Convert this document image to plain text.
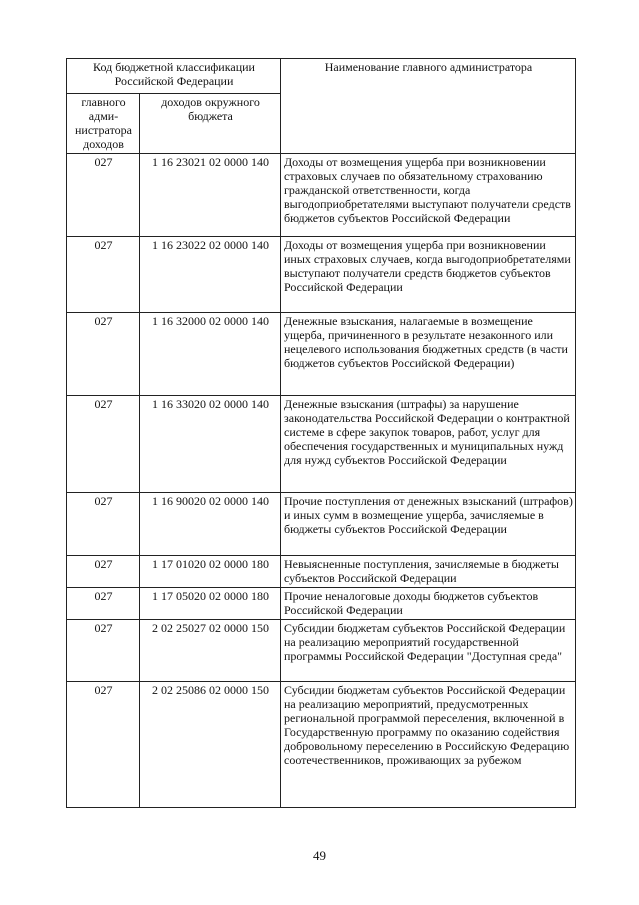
Код бюджетной классификации Российской Федерации		Наименование главного администратора
главного адми- нистратора доходов	доходов окружного бюджета	
027	1 16 23021 02 0000 140	Доходы от возмещения ущерба при возникновении страховых случаев по обязательному страхованию гражданской ответственности, когда выгодоприобретателями выступают получатели средств бюджетов субъектов Российской Федерации
027	1 16 23022 02 0000 140	Доходы от возмещения ущерба при возникновении иных страховых случаев, когда выгодоприобретателями выступают получатели средств бюджетов субъектов Российской Федерации
027	1 16 32000 02 0000 140	Денежные взыскания, налагаемые в возмещение ущерба, причиненного в результате незаконного или нецелевого использования бюджетных средств (в части бюджетов субъектов Российской Федерации)
027	1 16 33020 02 0000 140	Денежные взыскания (штрафы) за нарушение законодательства Российской Федерации о контрактной системе в сфере закупок товаров, работ, услуг для обеспечения государственных и муниципальных нужд для нужд субъектов Российской Федерации
027	1 16 90020 02 0000 140	Прочие поступления от денежных взысканий (штрафов) и иных сумм в возмещение ущерба, зачисляемые в бюджеты субъектов Российской Федерации
027	1 17 01020 02 0000 180	Невыясненные поступления, зачисляемые в бюджеты субъектов Российской Федерации
027	1 17 05020 02 0000 180	Прочие неналоговые доходы бюджетов субъектов Российской Федерации
027	2 02 25027 02 0000 150	Субсидии бюджетам субъектов Российской Федерации на реализацию мероприятий государственной программы Российской Федерации "Доступная среда"
027	2 02 25086 02 0000 150	Субсидии бюджетам субъектов Российской Федерации на реализацию мероприятий, предусмотренных региональной программой переселения, включенной в Государственную программу по оказанию содействия добровольному переселению в Российскую Федерацию соотечественников, проживающих за рубежом
49
